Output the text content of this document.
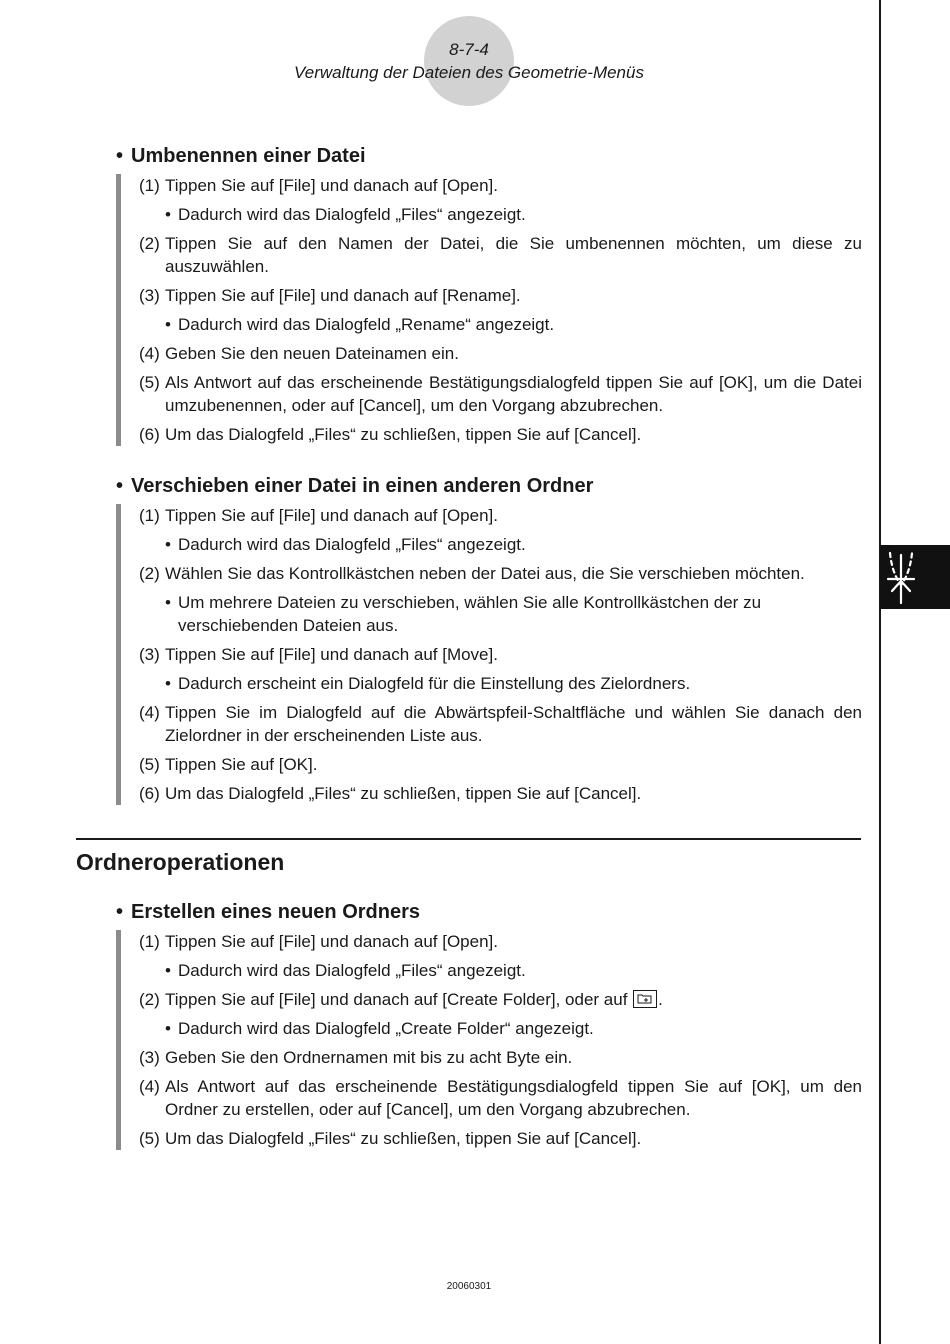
8-7-4
Verwaltung der Dateien des Geometrie-Menüs
• Umbenennen einer Datei
(1) Tippen Sie auf [File] und danach auf [Open].
• Dadurch wird das Dialogfeld „Files“ angezeigt.
(2) Tippen Sie auf den Namen der Datei, die Sie umbenennen möchten, um diese zu auszuwählen.
(3) Tippen Sie auf [File] und danach auf [Rename].
• Dadurch wird das Dialogfeld „Rename“ angezeigt.
(4) Geben Sie den neuen Dateinamen ein.
(5) Als Antwort auf das erscheinende Bestätigungsdialogfeld tippen Sie auf [OK], um die Datei umzubenennen, oder auf [Cancel], um den Vorgang abzubrechen.
(6) Um das Dialogfeld „Files“ zu schließen, tippen Sie auf [Cancel].
• Verschieben einer Datei in einen anderen Ordner
(1) Tippen Sie auf [File] und danach auf [Open].
• Dadurch wird das Dialogfeld „Files“ angezeigt.
(2) Wählen Sie das Kontrollkästchen neben der Datei aus, die Sie verschieben möchten.
• Um mehrere Dateien zu verschieben, wählen Sie alle Kontrollkästchen der zu verschiebenden Dateien aus.
(3) Tippen Sie auf [File] und danach auf [Move].
• Dadurch erscheint ein Dialogfeld für die Einstellung des Zielordners.
(4) Tippen Sie im Dialogfeld auf die Abwärtspfeil-Schaltfläche und wählen Sie danach den Zielordner in der erscheinenden Liste aus.
(5) Tippen Sie auf [OK].
(6) Um das Dialogfeld „Files“ zu schließen, tippen Sie auf [Cancel].
Ordneroperationen
• Erstellen eines neuen Ordners
(1) Tippen Sie auf [File] und danach auf [Open].
• Dadurch wird das Dialogfeld „Files“ angezeigt.
(2) Tippen Sie auf [File] und danach auf [Create Folder], oder auf .
• Dadurch wird das Dialogfeld „Create Folder“ angezeigt.
(3) Geben Sie den Ordnernamen mit bis zu acht Byte ein.
(4) Als Antwort auf das erscheinende Bestätigungsdialogfeld tippen Sie auf [OK], um den Ordner zu erstellen, oder auf [Cancel], um den Vorgang abzubrechen.
(5) Um das Dialogfeld „Files“ zu schließen, tippen Sie auf [Cancel].
20060301
